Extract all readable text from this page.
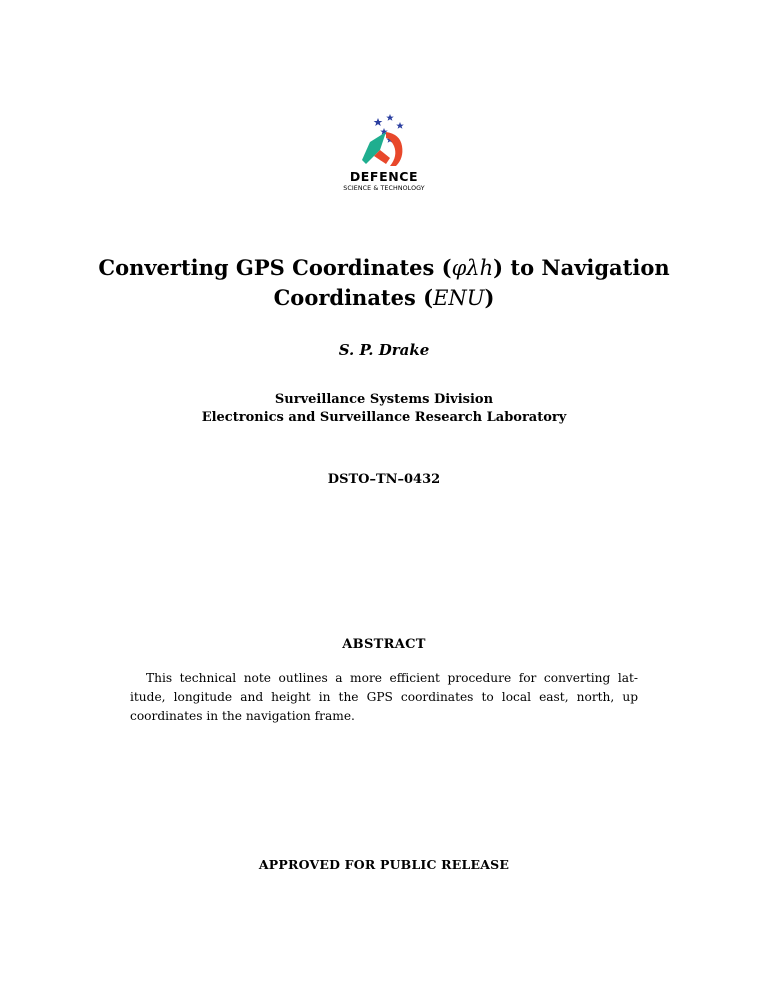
DEFENCE
SCIENCE & TECHNOLOGY
Converting GPS Coordinates (φλh) to Navigation
Coordinates (ENU)
S. P. Drake
Surveillance Systems Division
Electronics and Surveillance Research Laboratory
DSTO–TN–0432
ABSTRACT

This technical note outlines a more efficient procedure for converting lat-
itude, longitude and height in the GPS coordinates to local east, north, up
coordinates in the navigation frame.

APPROVED FOR PUBLIC RELEASE
